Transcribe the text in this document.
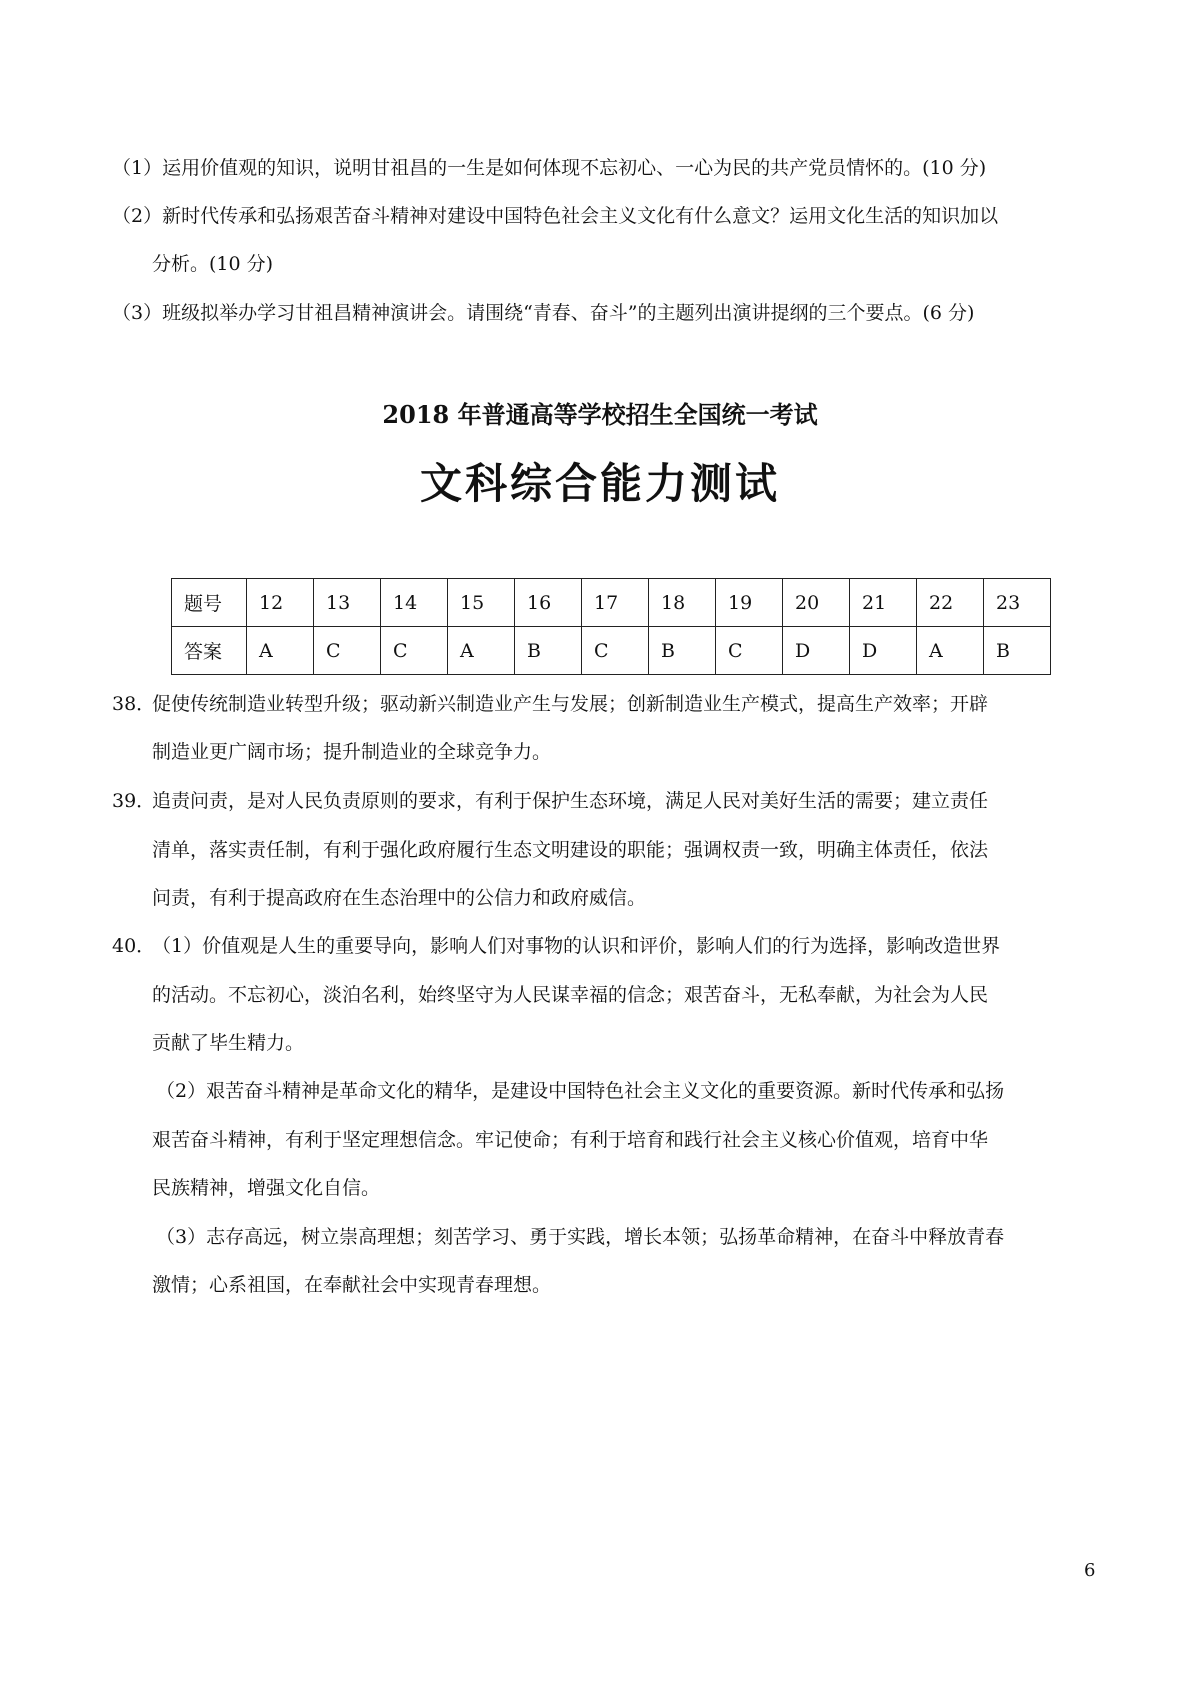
（1）运用价值观的知识，说明甘祖昌的一生是如何体现不忘初心、一心为民的共产党员情怀的。(10 分)
（2）新时代传承和弘扬艰苦奋斗精神对建设中国特色社会主义文化有什么意文？运用文化生活的知识加以
分析。(10 分)
（3）班级拟举办学习甘祖昌精神演讲会。请围绕“青春、奋斗”的主题列出演讲提纲的三个要点。(6 分)
2018 年普通高等学校招生全国统一考试
文科综合能力测试
题号	12	13	14	15	16	17	18	19	20	21	22	23
答案	A	C	C	A	B	C	B	C	D	D	A	B
38．
促使传统制造业转型升级；驱动新兴制造业产生与发展；创新制造业生产模式，提高生产效率；开辟
制造业更广阔市场；提升制造业的全球竞争力。
39．
追责问责，是对人民负责原则的要求，有利于保护生态环境，满足人民对美好生活的需要；建立责任
清单，落实责任制，有利于强化政府履行生态文明建设的职能；强调权责一致，明确主体责任，依法
问责，有利于提高政府在生态治理中的公信力和政府威信。
40．
（1）价值观是人生的重要导向，影响人们对事物的认识和评价，影响人们的行为选择，影响改造世界
的活动。不忘初心，淡泊名利，始终坚守为人民谋幸福的信念；艰苦奋斗，无私奉献，为社会为人民
贡献了毕生精力。
（2）艰苦奋斗精神是革命文化的精华，是建设中国特色社会主义文化的重要资源。新时代传承和弘扬
艰苦奋斗精神，有利于坚定理想信念。牢记使命；有利于培育和践行社会主义核心价值观，培育中华
民族精神，增强文化自信。
（3）志存高远，树立崇高理想；刻苦学习、勇于实践，增长本领；弘扬革命精神，在奋斗中释放青春
激情；心系祖国，在奉献社会中实现青春理想。
6
